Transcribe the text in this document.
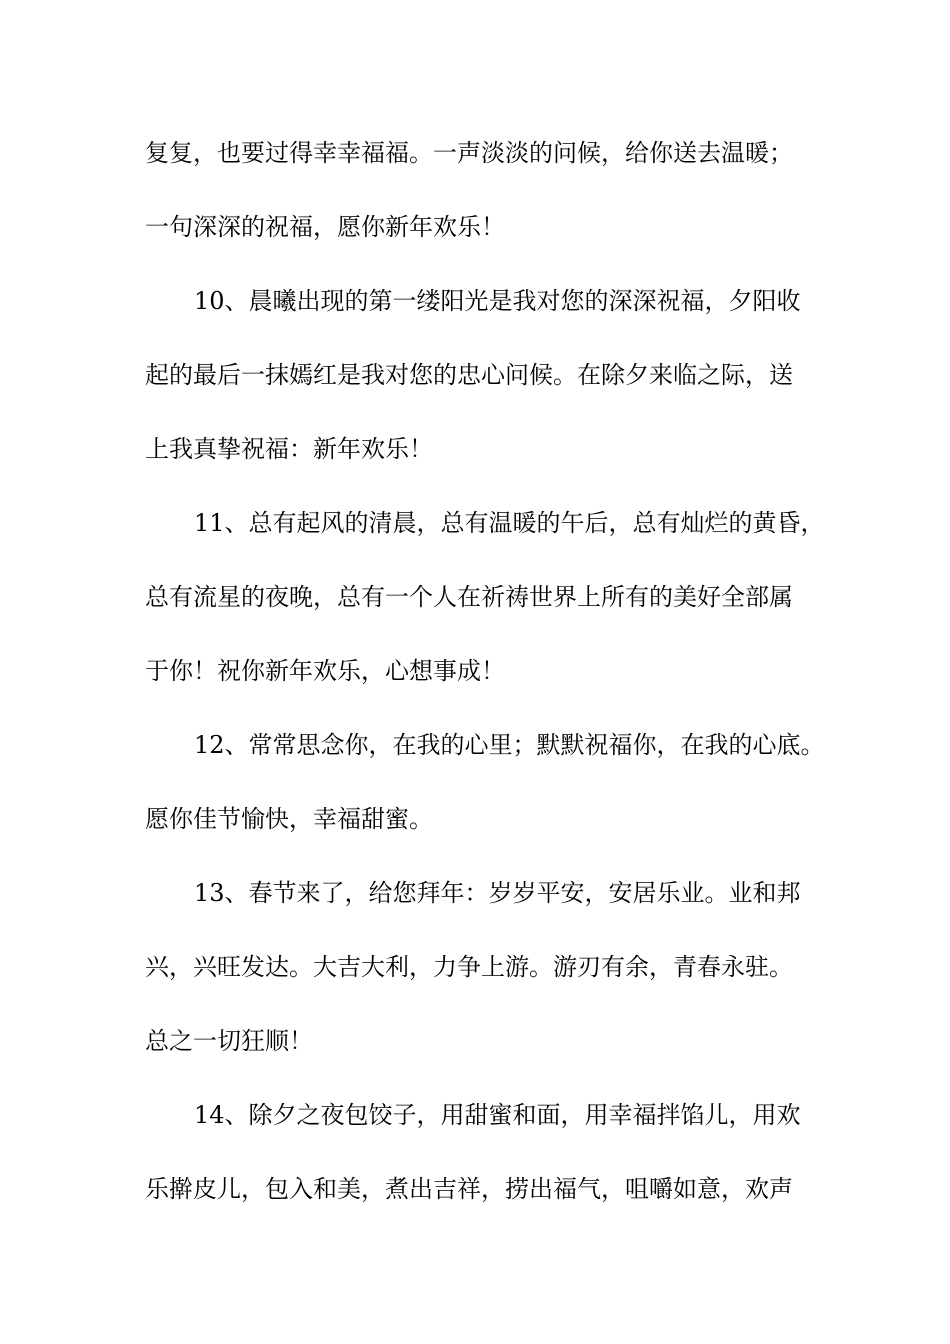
复复，也要过得幸幸福福。一声淡淡的问候，给你送去温暖；

一句深深的祝福，愿你新年欢乐！

10、晨曦出现的第一缕阳光是我对您的深深祝福，夕阳收

起的最后一抹嫣红是我对您的忠心问候。在除夕来临之际，送

上我真挚祝福：新年欢乐！

11、总有起风的清晨，总有温暖的午后，总有灿烂的黄昏，

总有流星的夜晚，总有一个人在祈祷世界上所有的美好全部属

于你！祝你新年欢乐，心想事成！

12、常常思念你，在我的心里；默默祝福你，在我的心底。

愿你佳节愉快，幸福甜蜜。

13、春节来了，给您拜年：岁岁平安，安居乐业。业和邦

兴，兴旺发达。大吉大利，力争上游。游刃有余，青春永驻。

总之一切狂顺！

14、除夕之夜包饺子，用甜蜜和面，用幸福拌馅儿，用欢

乐擀皮儿，包入和美，煮出吉祥，捞出福气，咀嚼如意，欢声
